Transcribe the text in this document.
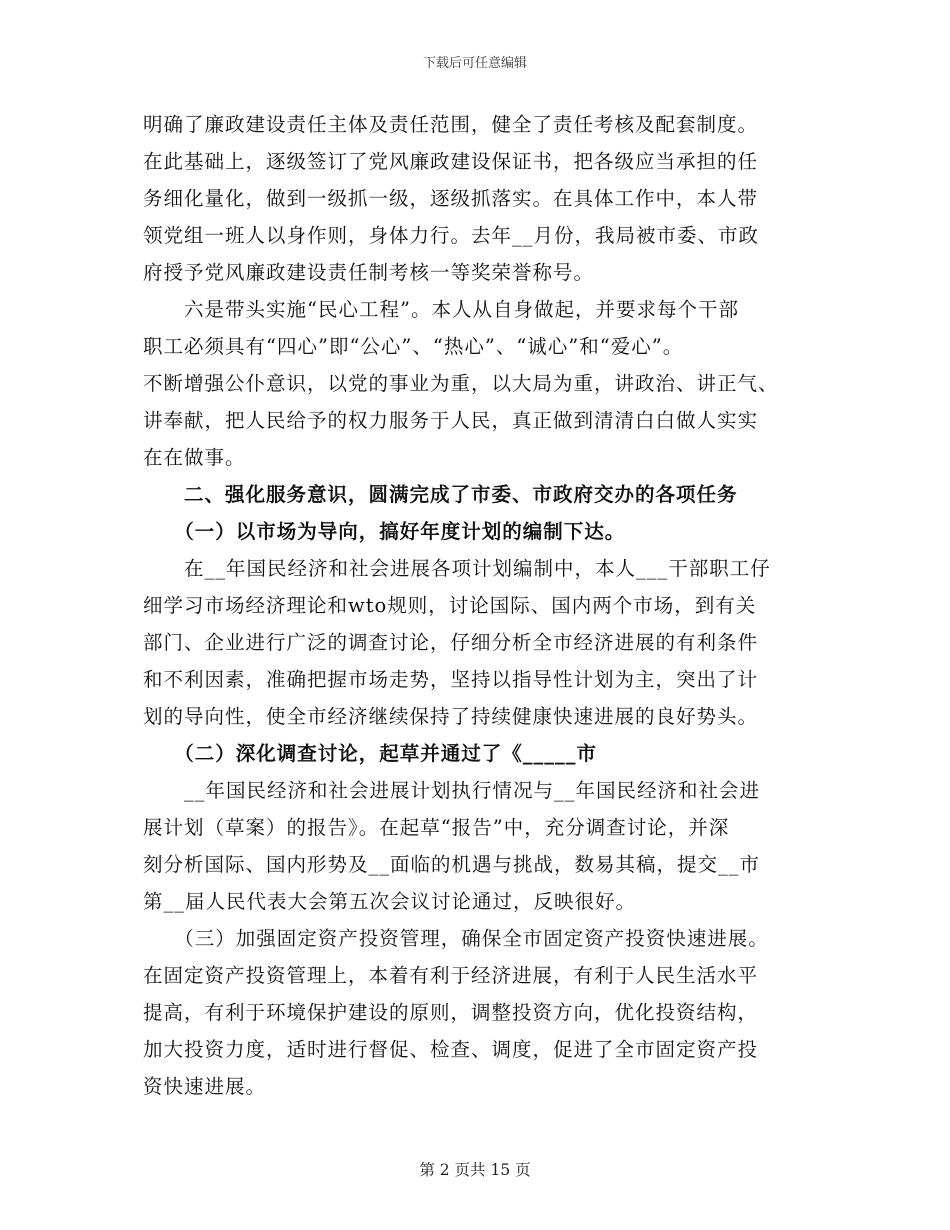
下载后可任意编辑
明确了廉政建设责任主体及责任范围，健全了责任考核及配套制度。
在此基础上，逐级签订了党风廉政建设保证书，把各级应当承担的任
务细化量化，做到一级抓一级，逐级抓落实。在具体工作中，本人带
领党组一班人以身作则，身体力行。去年__月份，我局被市委、市政
府授予党风廉政建设责任制考核一等奖荣誉称号。
　　六是带头实施“民心工程”。本人从自身做起，并要求每个干部
职工必须具有“四心”即“公心”、“热心”、“诚心”和“爱心”。
不断增强公仆意识，以党的事业为重，以大局为重，讲政治、讲正气、
讲奉献，把人民给予的权力服务于人民，真正做到清清白白做人实实
在在做事。
　　二、强化服务意识，圆满完成了市委、市政府交办的各项任务
　　（一）以市场为导向，搞好年度计划的编制下达。
　　在__年国民经济和社会进展各项计划编制中，本人___干部职工仔
细学习市场经济理论和wto规则，讨论国际、国内两个市场，到有关
部门、企业进行广泛的调查讨论，仔细分析全市经济进展的有利条件
和不利因素，准确把握市场走势，坚持以指导性计划为主，突出了计
划的导向性，使全市经济继续保持了持续健康快速进展的良好势头。
　　（二）深化调查讨论，起草并通过了《_____市
　　__年国民经济和社会进展计划执行情况与__年国民经济和社会进
展计划（草案）的报告》。在起草“报告”中，充分调查讨论，并深
刻分析国际、国内形势及__面临的机遇与挑战，数易其稿，提交__市
第__届人民代表大会第五次会议讨论通过，反映很好。
　　（三）加强固定资产投资管理，确保全市固定资产投资快速进展。
在固定资产投资管理上，本着有利于经济进展，有利于人民生活水平
提高，有利于环境保护建设的原则，调整投资方向，优化投资结构，
加大投资力度，适时进行督促、检查、调度，促进了全市固定资产投
资快速进展。
第 2 页共 15 页
